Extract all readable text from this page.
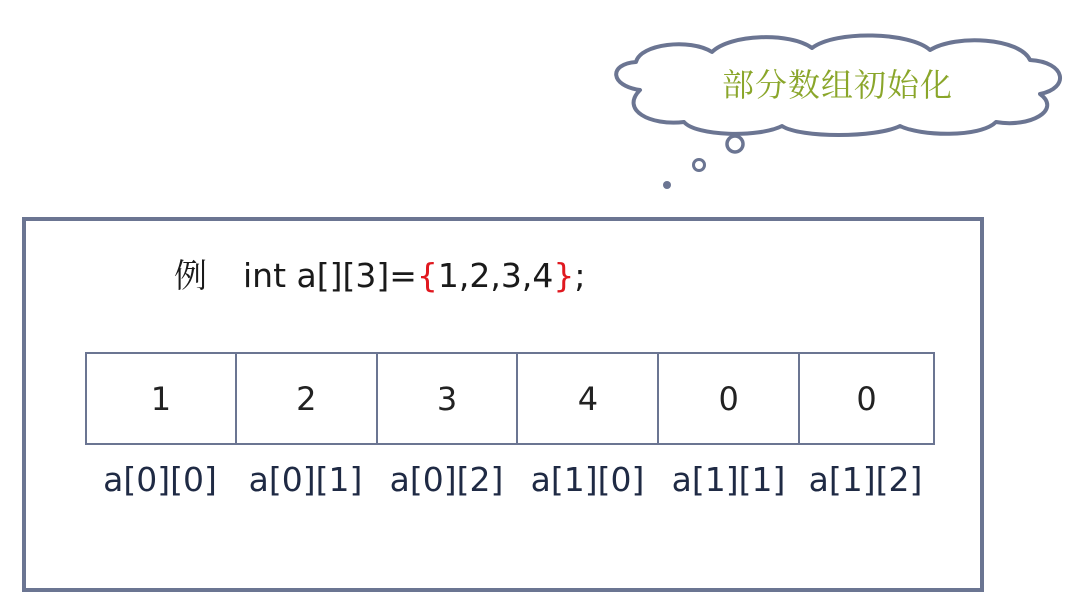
部分数组初始化
例 int a[][3]= { 1,2,3,4 } ;
1	2	3	4	0	0
a[0][0] a[0][1] a[0][2] a[1][0] a[1][1] a[1][2]
